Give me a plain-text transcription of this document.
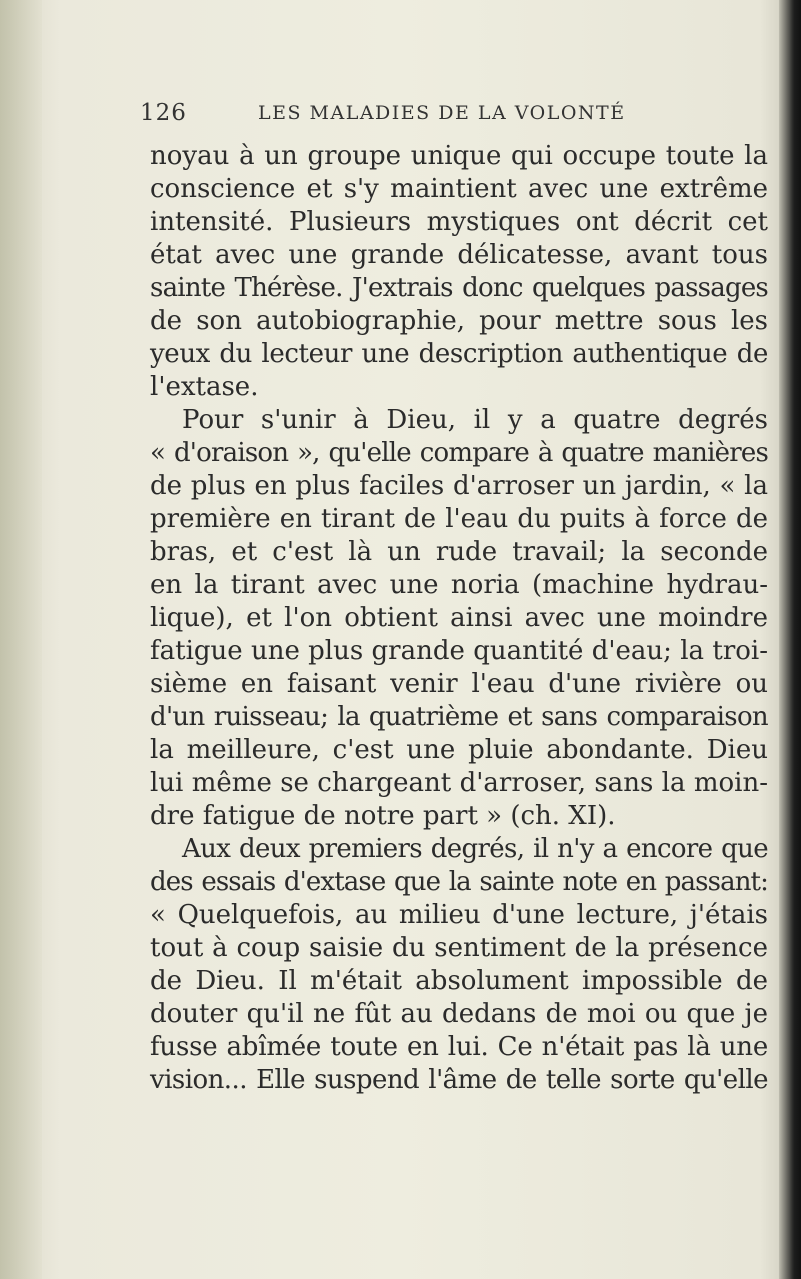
126	LES MALADIES DE LA VOLONTÉ
noyau à un groupe unique qui occupe toute la
conscience et s'y maintient avec une extrême
intensité. Plusieurs mystiques ont décrit cet
état avec une grande délicatesse, avant tous
sainte Thérèse. J'extrais donc quelques passages
de son autobiographie, pour mettre sous les
yeux du lecteur une description authentique de
l'extase.
Pour s'unir à Dieu, il y a quatre degrés
« d'oraison », qu'elle compare à quatre manières
de plus en plus faciles d'arroser un jardin, « la
première en tirant de l'eau du puits à force de
bras, et c'est là un rude travail; la seconde
en la tirant avec une noria (machine hydrau-
lique), et l'on obtient ainsi avec une moindre
fatigue une plus grande quantité d'eau; la troi-
sième en faisant venir l'eau d'une rivière ou
d'un ruisseau; la quatrième et sans comparaison
la meilleure, c'est une pluie abondante. Dieu
lui même se chargeant d'arroser, sans la moin-
dre fatigue de notre part » (ch. XI).
Aux deux premiers degrés, il n'y a encore que
des essais d'extase que la sainte note en passant:
« Quelquefois, au milieu d'une lecture, j'étais
tout à coup saisie du sentiment de la présence
de Dieu. Il m'était absolument impossible de
douter qu'il ne fût au dedans de moi ou que je
fusse abîmée toute en lui. Ce n'était pas là une
vision... Elle suspend l'âme de telle sorte qu'elle
